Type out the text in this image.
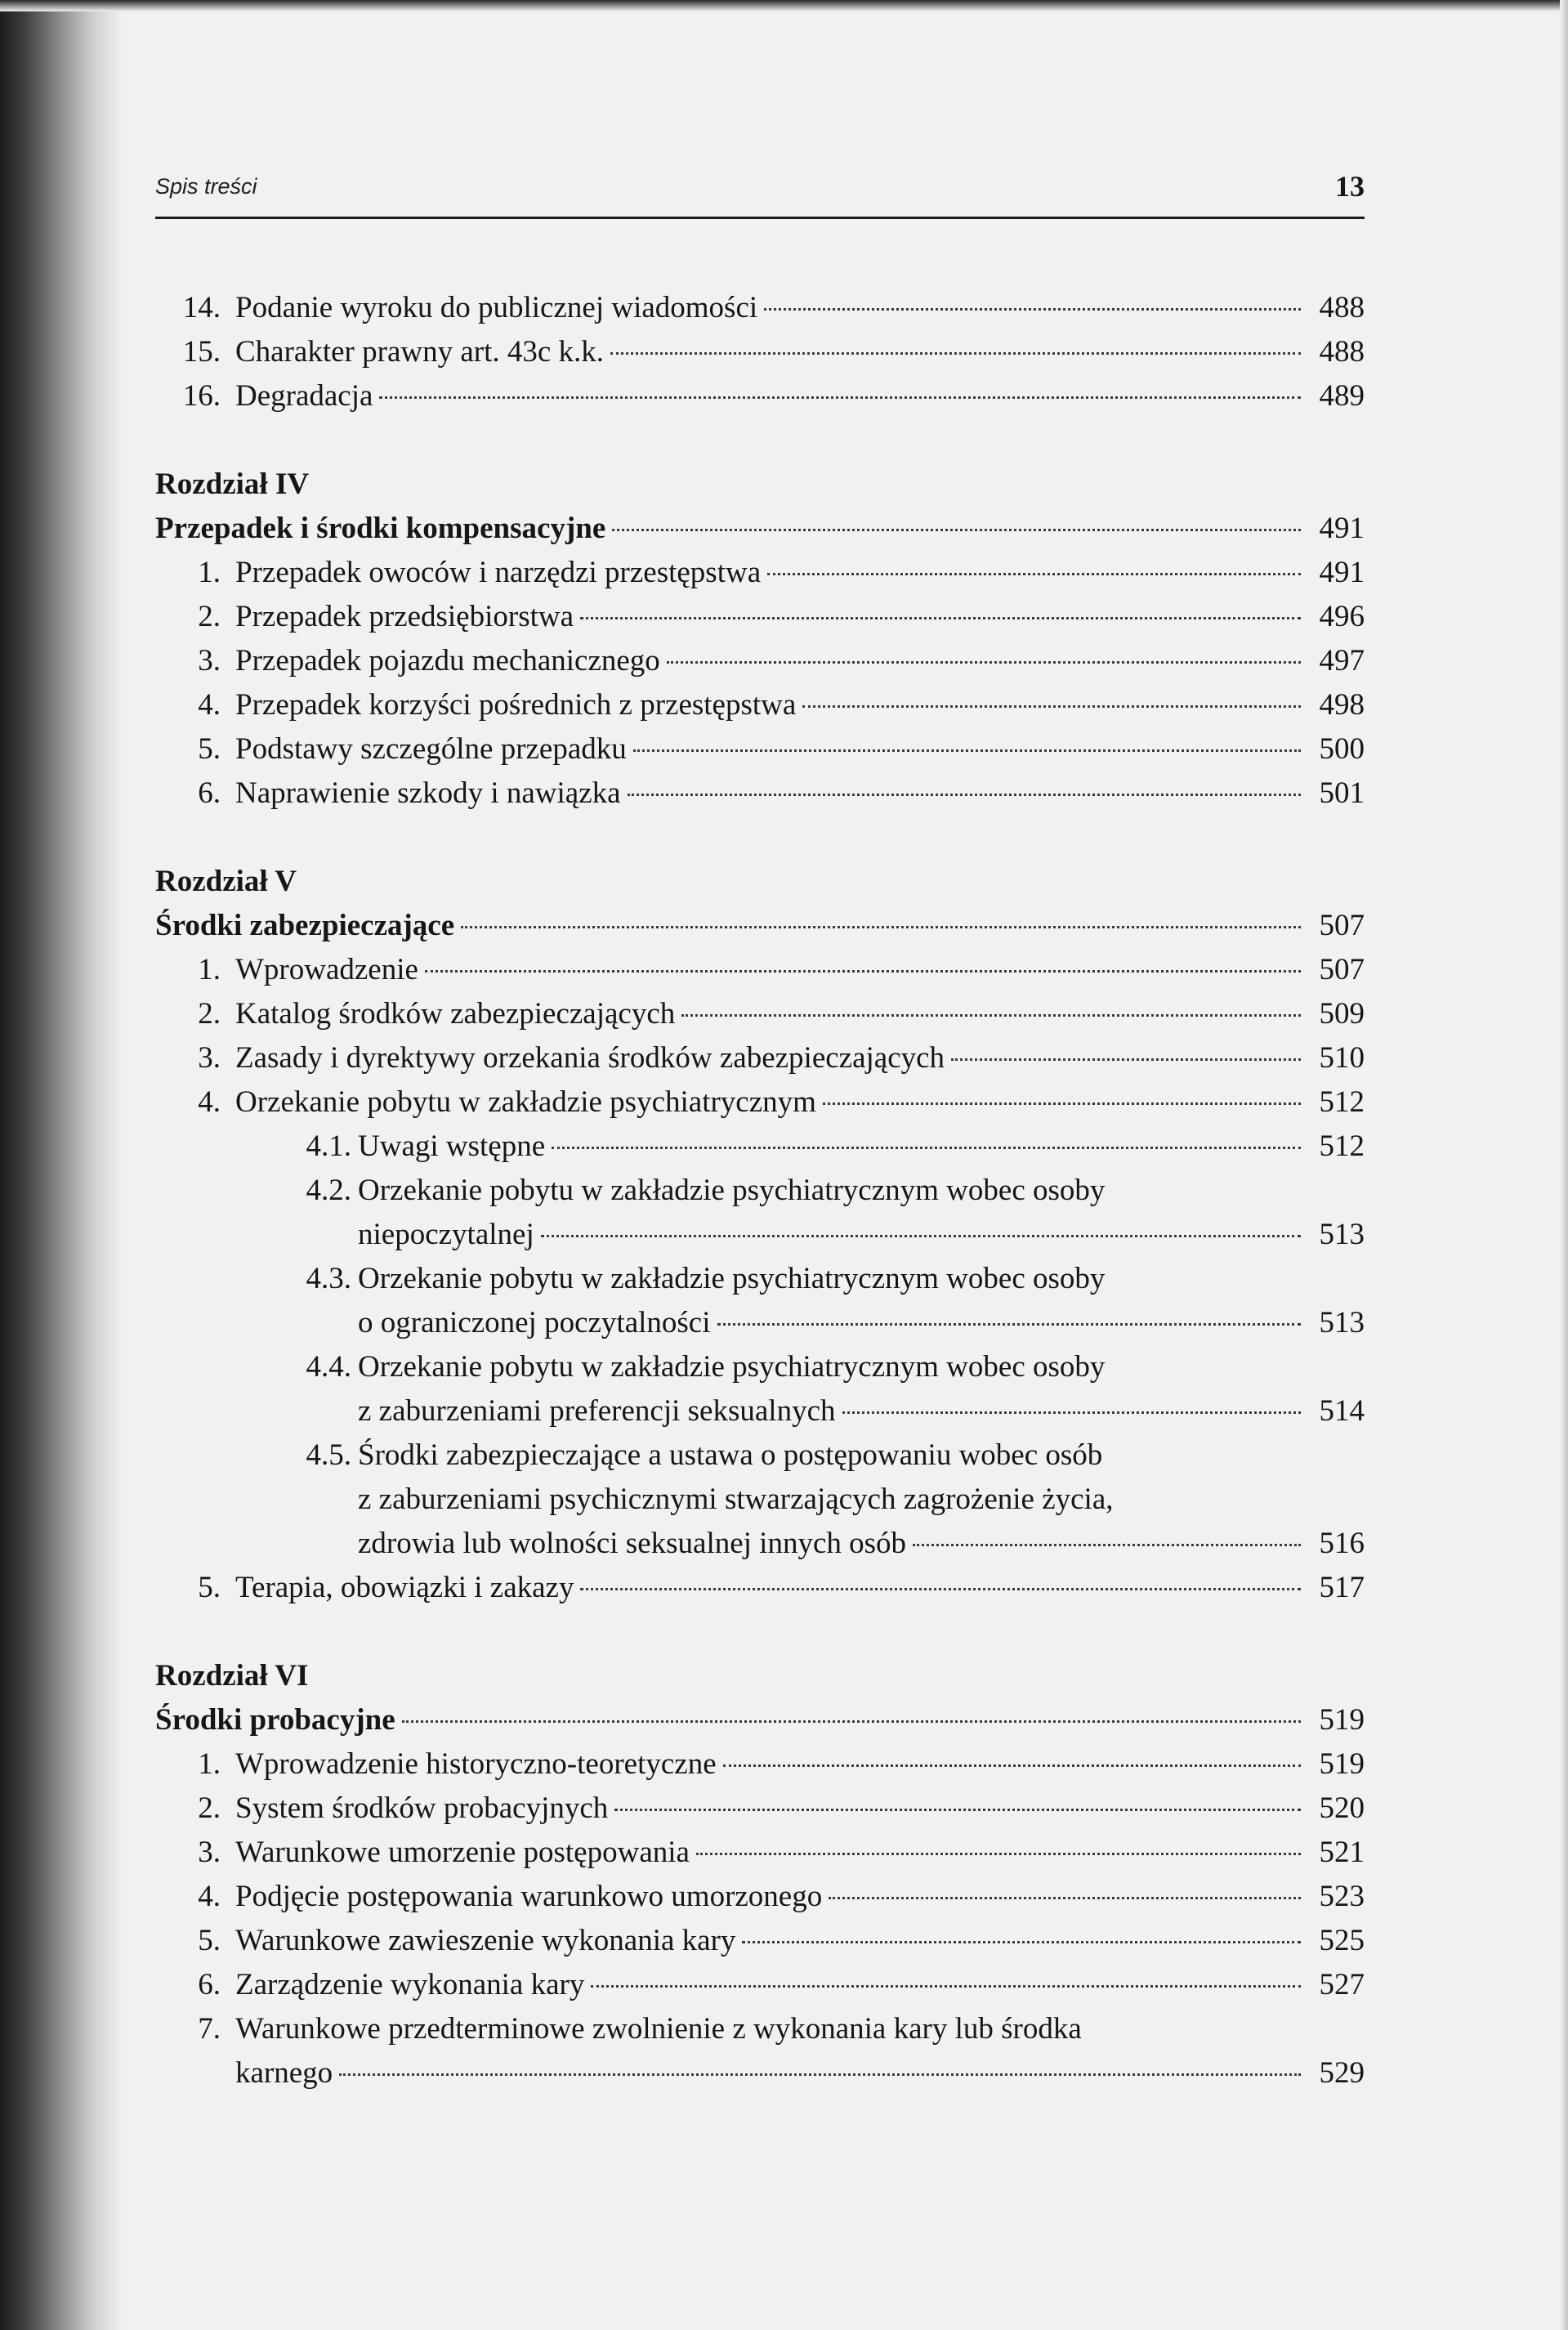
Spis treści	13
14. Podanie wyroku do publicznej wiadomości	488
15. Charakter prawny art. 43c k.k.	488
16. Degradacja	489
Rozdział IV
Przepadek i środki kompensacyjne	491
1. Przepadek owoców i narzędzi przestępstwa	491
2. Przepadek przedsiębiorstwa	496
3. Przepadek pojazdu mechanicznego	497
4. Przepadek korzyści pośrednich z przestępstwa	498
5. Podstawy szczególne przepadku	500
6. Naprawienie szkody i nawiązka	501
Rozdział V
Środki zabezpieczające	507
1. Wprowadzenie	507
2. Katalog środków zabezpieczających	509
3. Zasady i dyrektywy orzekania środków zabezpieczających	510
4. Orzekanie pobytu w zakładzie psychiatrycznym	512
4.1. Uwagi wstępne	512
4.2. Orzekanie pobytu w zakładzie psychiatrycznym wobec osoby
niepoczytalnej	513
4.3. Orzekanie pobytu w zakładzie psychiatrycznym wobec osoby
o ograniczonej poczytalności	513
4.4. Orzekanie pobytu w zakładzie psychiatrycznym wobec osoby
z zaburzeniami preferencji seksualnych	514
4.5. Środki zabezpieczające a ustawa o postępowaniu wobec osób
z zaburzeniami psychicznymi stwarzających zagrożenie życia,
zdrowia lub wolności seksualnej innych osób	516
5. Terapia, obowiązki i zakazy	517
Rozdział VI
Środki probacyjne	519
1. Wprowadzenie historyczno-teoretyczne	519
2. System środków probacyjnych	520
3. Warunkowe umorzenie postępowania	521
4. Podjęcie postępowania warunkowo umorzonego	523
5. Warunkowe zawieszenie wykonania kary	525
6. Zarządzenie wykonania kary	527
7. Warunkowe przedterminowe zwolnienie z wykonania kary lub środka
karnego	529
